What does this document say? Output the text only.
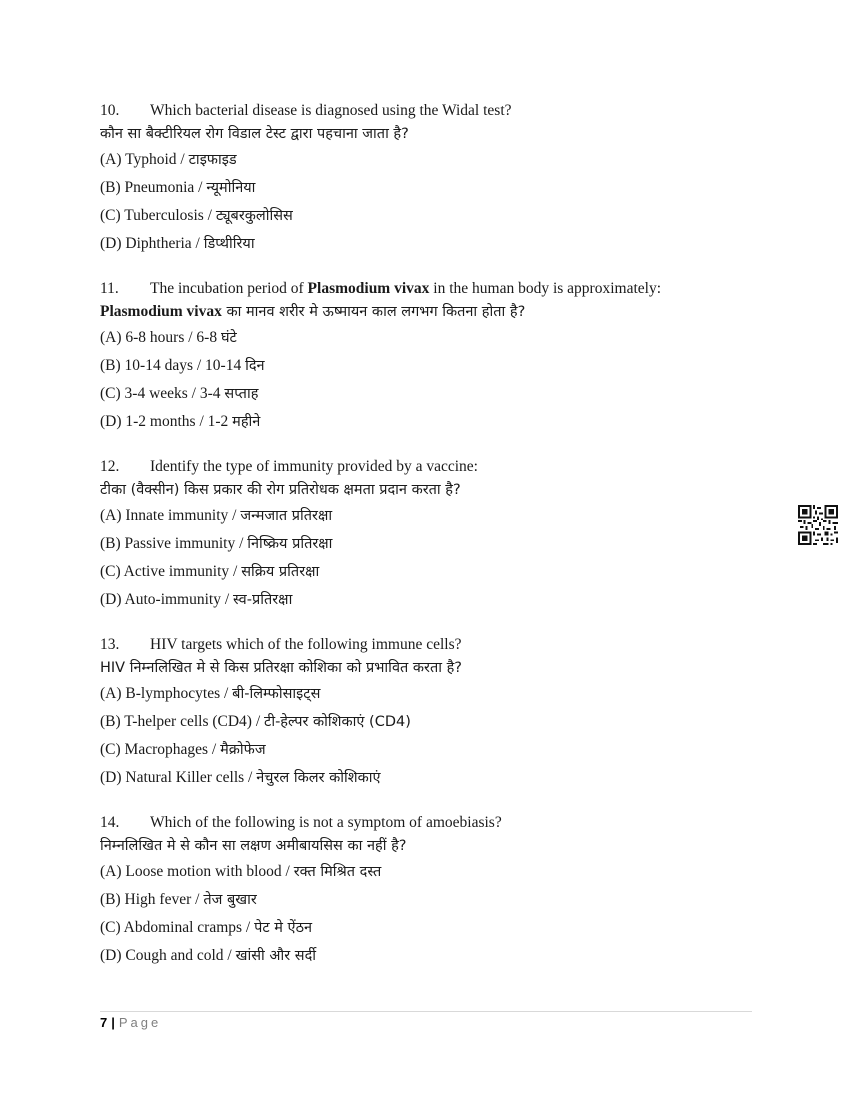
10. Which bacterial disease is diagnosed using the Widal test?
कौन सा बैक्टीरियल रोग विडाल टेस्ट द्वारा पहचाना जाता है?
(A) Typhoid / टाइफाइड
(B) Pneumonia / न्यूमोनिया
(C) Tuberculosis / ट्यूबरकुलोसिस
(D) Diphtheria / डिप्थीरिया
11. The incubation period of Plasmodium vivax in the human body is approximately:
Plasmodium vivax का मानव शरीर मे ऊष्मायन काल लगभग कितना होता है?
(A) 6-8 hours / 6-8 घंटे
(B) 10-14 days / 10-14 दिन
(C) 3-4 weeks / 3-4 सप्ताह
(D) 1-2 months / 1-2 महीने
12. Identify the type of immunity provided by a vaccine:
टीका (वैक्सीन) किस प्रकार की रोग प्रतिरोधक क्षमता प्रदान करता है?
(A) Innate immunity / जन्मजात प्रतिरक्षा
(B) Passive immunity / निष्क्रिय प्रतिरक्षा
(C) Active immunity / सक्रिय प्रतिरक्षा
(D) Auto-immunity / स्व-प्रतिरक्षा
13. HIV targets which of the following immune cells?
HIV निम्नलिखित मे से किस प्रतिरक्षा कोशिका को प्रभावित करता है?
(A) B-lymphocytes / बी-लिम्फोसाइट्स
(B) T-helper cells (CD4) / टी-हेल्पर कोशिकाएं (CD4)
(C) Macrophages / मैक्रोफेज
(D) Natural Killer cells / नेचुरल किलर कोशिकाएं
14. Which of the following is not a symptom of amoebiasis?
निम्नलिखित मे से कौन सा लक्षण अमीबायसिस का नहीं है?
(A) Loose motion with blood / रक्त मिश्रित दस्त
(B) High fever / तेज बुखार
(C) Abdominal cramps / पेट मे ऐंठन
(D) Cough and cold / खांसी और सर्दी
7 | Page
